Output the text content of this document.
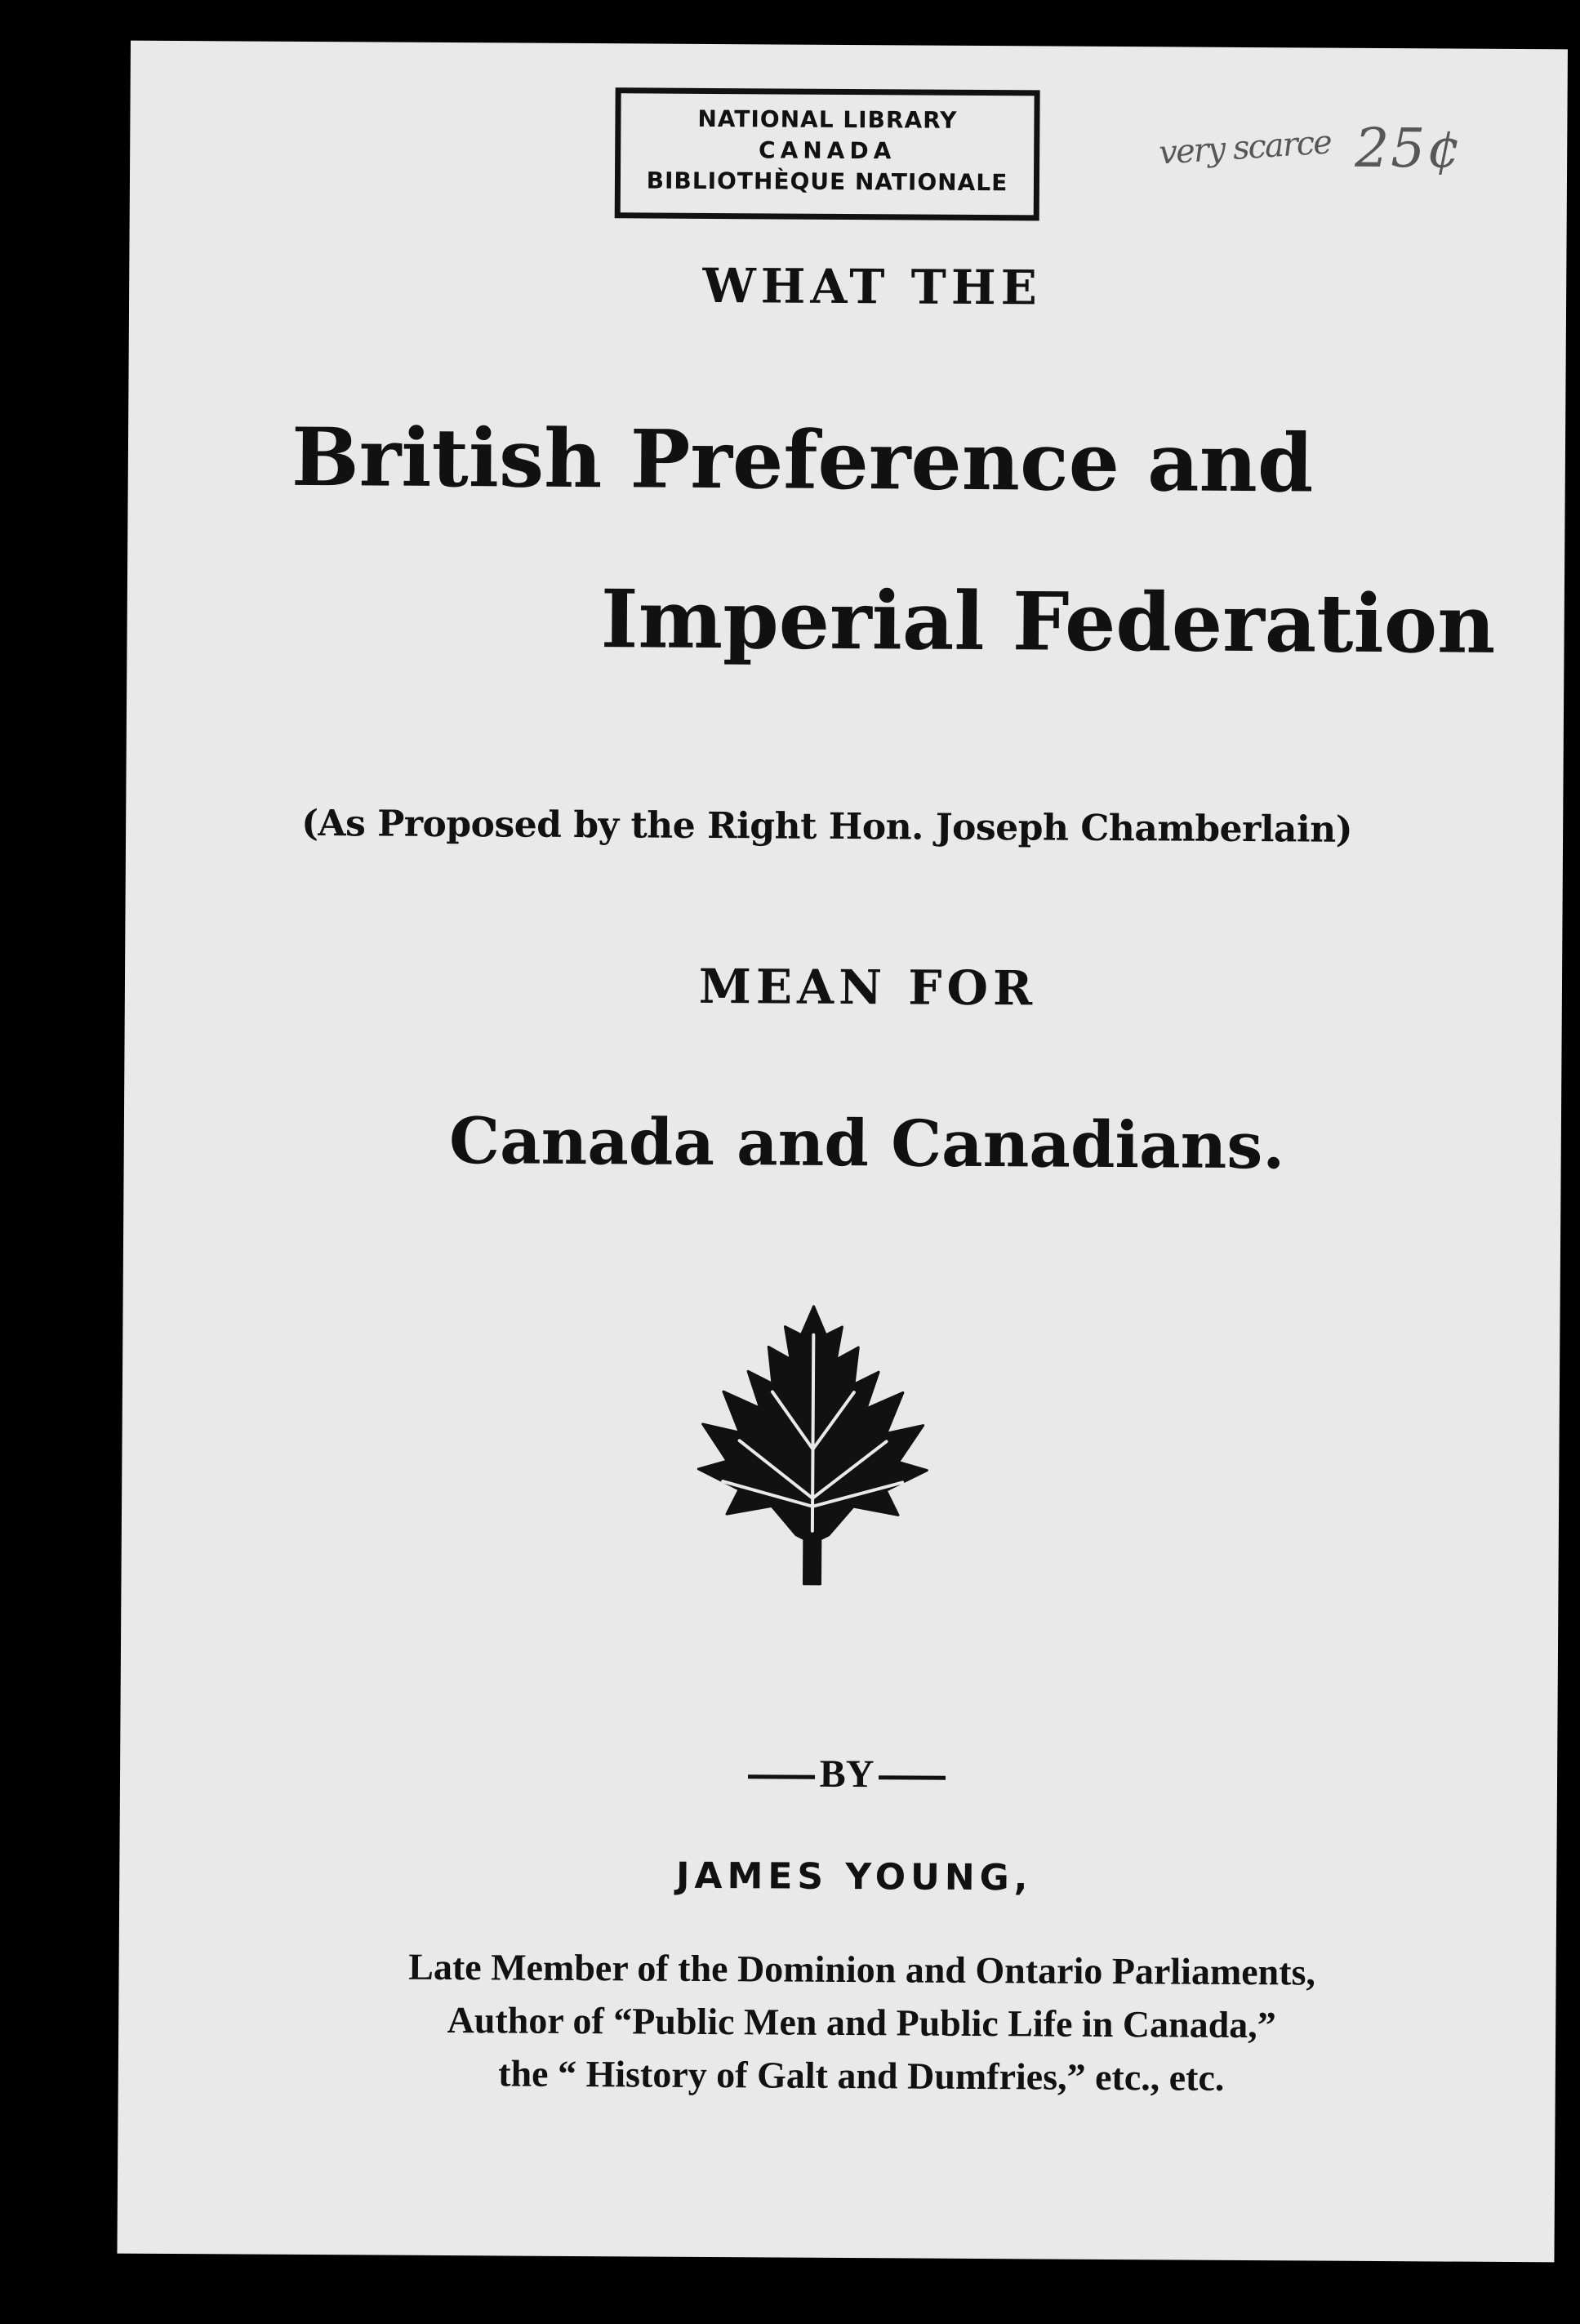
NATIONAL LIBRARY
CANADA
BIBLIOTHÈQUE NATIONALE
very scarce 25¢
WHAT THE
British Preference and
Imperial Federation
(As Proposed by the Right Hon. Joseph Chamberlain)
MEAN FOR
Canada and Canadians.
BY
JAMES YOUNG,
Late Member of the Dominion and Ontario Parliaments,
Author of “Public Men and Public Life in Canada,”
the “ History of Galt and Dumfries,” etc., etc.
